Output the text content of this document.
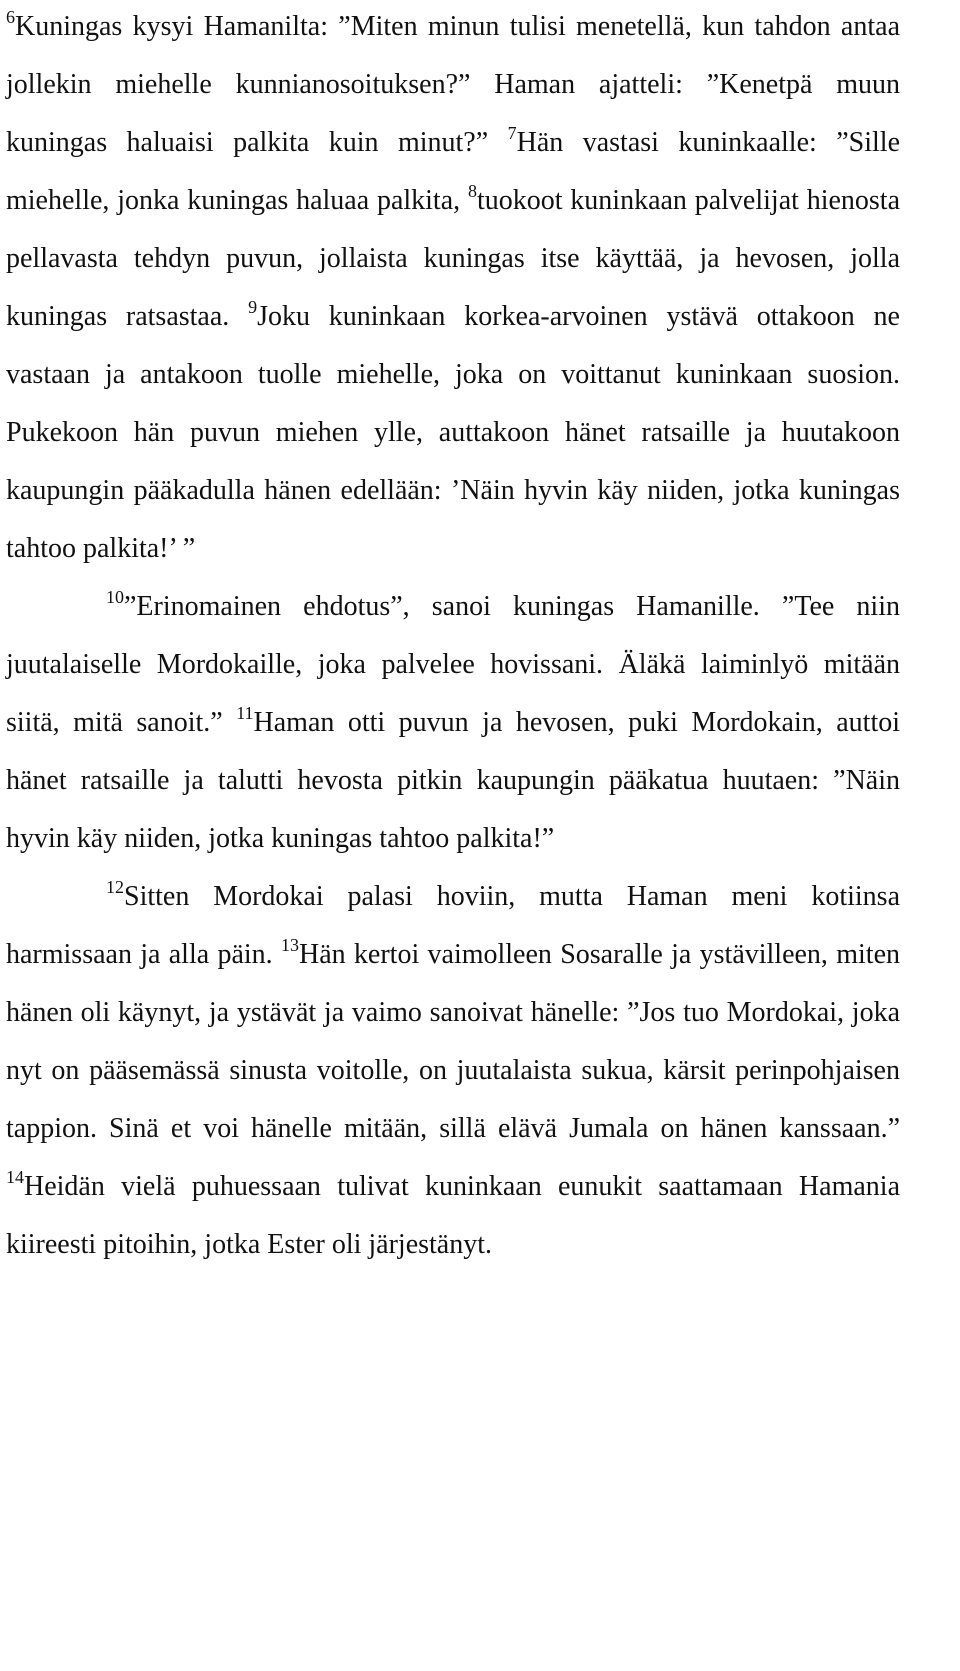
$^6$Kuningas kysyi Hamanilta: ”Miten minun tulisi menetellä, kun tahdon antaa jollekin miehelle kunnianosoituksen?” Haman ajatteli: ”Kenetpä muun kuningas haluaisi palkita kuin minut?” $^7$Hän vastasi kuninkaalle: ”Sille miehelle, jonka kuningas haluaa palkita, $^8$tuokoot kuninkaan palvelijat hienosta pellavasta tehdyn puvun, jollaista kuningas itse käyttää, ja hevosen, jolla kuningas ratsastaa. $^9$Joku kuninkaan korkea-arvoinen ystävä ottakoon ne vastaan ja antakoon tuolle miehelle, joka on voittanut kuninkaan suosion. Pukekoon hän puvun miehen ylle, auttakoon hänet ratsaille ja huutakoon kaupungin pääkadulla hänen edellään: ’Näin hyvin käy niiden, jotka kuningas tahtoo palkita!’ ”

$^{10}$”Erinomainen ehdotus”, sanoi kuningas Hamanille. ”Tee niin juutalaiselle Mordokaille, joka palvelee hovissani. Äläkä laiminlyö mitään siitä, mitä sanoit.” $^{11}$Haman otti puvun ja hevosen, puki Mordokain, auttoi hänet ratsaille ja talutti hevosta pitkin kaupungin pääkatua huutaen: ”Näin hyvin käy niiden, jotka kuningas tahtoo palkita!”

$^{12}$Sitten Mordokai palasi hoviin, mutta Haman meni kotiinsa harmissaan ja alla päin. $^{13}$Hän kertoi vaimolleen Sosaralle ja ystävilleen, miten hänen oli käynyt, ja ystävät ja vaimo sanoivat hänelle: ”Jos tuo Mordokai, joka nyt on pääsemässä sinusta voitolle, on juutalaista sukua, kärsit perinpohjaisen tappion. Sinä et voi hänelle mitään, sillä elävä Jumala on hänen kanssaan.” $^{14}$Heidän vielä puhuessaan tulivat kuninkaan eunukit saattamaan Hamania kiireesti pitoihin, jotka Ester oli järjestänyt.
